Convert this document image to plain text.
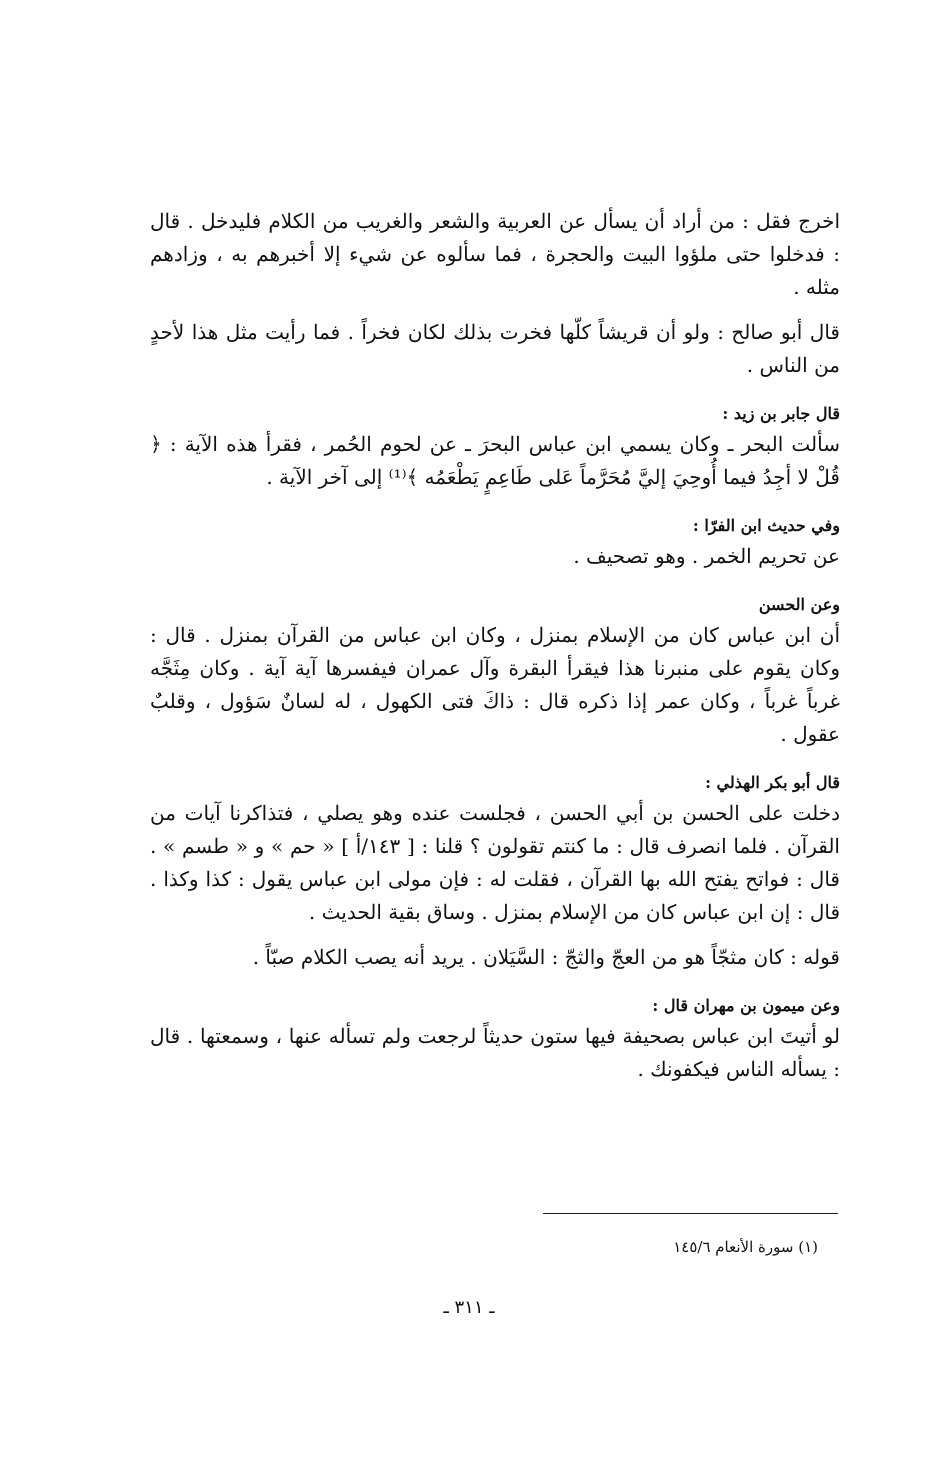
اخرج فقل : من أراد أن يسأل عن العربية والشعر والغريب من الكلام فليدخل . قال : فدخلوا حتى ملؤوا البيت والحجرة ، فما سألوه عن شيء إلا أخبرهم به ، وزادهم مثله .

قال أبو صالح : ولو أن قريشاً كلّها فخرت بذلك لكان فخراً . فما رأيت مثل هذا لأحدٍ من الناس .

قال جابر بن زيد :

سألت البحر ـ وكان يسمي ابن عباس البحرَ ـ عن لحوم الحُمر ، فقرأ هذه الآية : ﴿ قُلْ لا أجِدُ فيما أُوحِيَ إليَّ مُحَرَّماً عَلى طَاعِمٍ يَطْعَمُه ﴾⁽¹⁾ إلى آخر الآية .

وفي حديث ابن الفرّا :

عن تحريم الخمر . وهو تصحيف .

وعن الحسن

أن ابن عباس كان من الإسلام بمنزل ، وكان ابن عباس من القرآن بمنزل . قال : وكان يقوم على منبرنا هذا فيقرأ البقرة وآل عمران فيفسرها آية آية . وكان مِثَجَّه غرباً غرباً ، وكان عمر إذا ذكره قال : ذاكَ فتى الكهول ، له لسانٌ سَؤول ، وقلبٌ عقول .

قال أبو بكر الهذلي :

دخلت على الحسن بن أبي الحسن ، فجلست عنده وهو يصلي ، فتذاكرنا آيات من القرآن . فلما انصرف قال : ما كنتم تقولون ؟ قلنا : [ ١٤٣/أ ] « حم » و « طسم » . قال : فواتح يفتح الله بها القرآن ، فقلت له : فإن مولى ابن عباس يقول : كذا وكذا . قال : إن ابن عباس كان من الإسلام بمنزل . وساق بقية الحديث .

قوله : كان مثجّاً هو من العجّ والثجّ : السَّيَلان . يريد أنه يصب الكلام صبّاً .

وعن ميمون بن مهران قال :

لو أتيتَ ابن عباس بصحيفة فيها ستون حديثاً لرجعت ولم تسأله عنها ، وسمعتها . قال : يسأله الناس فيكفونك .

(١) سورة الأنعام ١٤٥/٦
ـ ٣١١ ـ
